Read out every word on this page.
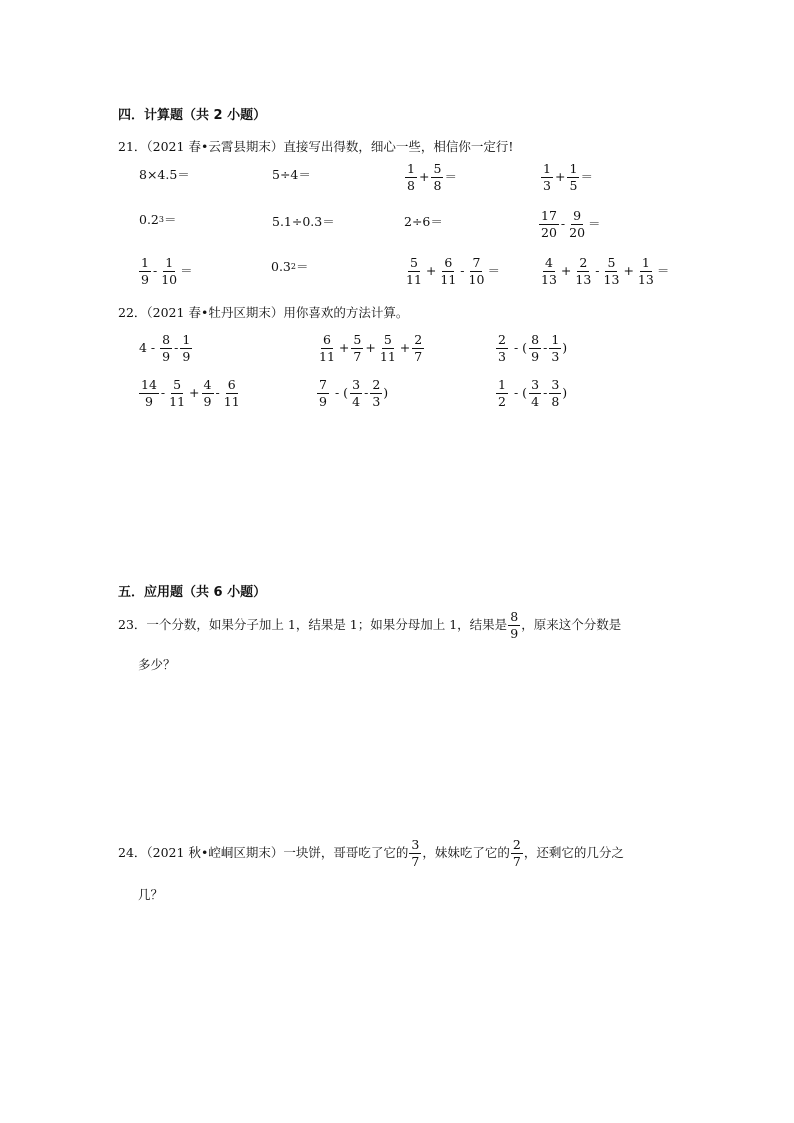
四．计算题（共 2 小题）
21．（2021 春•云霄县期末）直接写出得数，细心一些，相信你一定行!
8×4.5＝	5÷4＝	$\frac{1}{8} + \frac{5}{8}$ ＝	$\frac{1}{3} + \frac{1}{5}$ ＝
0.2 3 ＝	5.1÷0.3＝	2÷6＝	$\frac{17}{20} - \frac{9}{20}$ ＝
$\frac{1}{9} - \frac{1}{10}$ ＝	0.3 2 ＝	$\frac{5}{11} + \frac{6}{11} - \frac{7}{10}$ ＝	$\frac{4}{13} + \frac{2}{13} - \frac{5}{13} + \frac{1}{13}$ ＝
22．（2021 春•牡丹区期末）用你喜欢的方法计算。
$4 - \frac{8}{9} - \frac{1}{9}$	$\frac{6}{11} + \frac{5}{7} + \frac{5}{11} + \frac{2}{7}$	$\frac{2}{3}$ - ( $\frac{8}{9} - \frac{1}{3}$ )
$\frac{14}{9} - \frac{5}{11} + \frac{4}{9} - \frac{6}{11}$	$\frac{7}{9}$ - ( $\frac{3}{4} - \frac{2}{3}$ )	$\frac{1}{2}$ - ( $\frac{3}{4} - \frac{3}{8}$ )
五．应用题（共 6 小题）
23．一个分数，如果分子加上 1，结果是 1；如果分母加上 1，结果是 $\frac{8}{9}$ ，原来这个分数是
多少？
24．（2021 秋•崆峒区期末）一块饼，哥哥吃了它的 $\frac{3}{7}$ ，妹妹吃了它的 $\frac{2}{7}$ ，还剩它的几分之
几？
